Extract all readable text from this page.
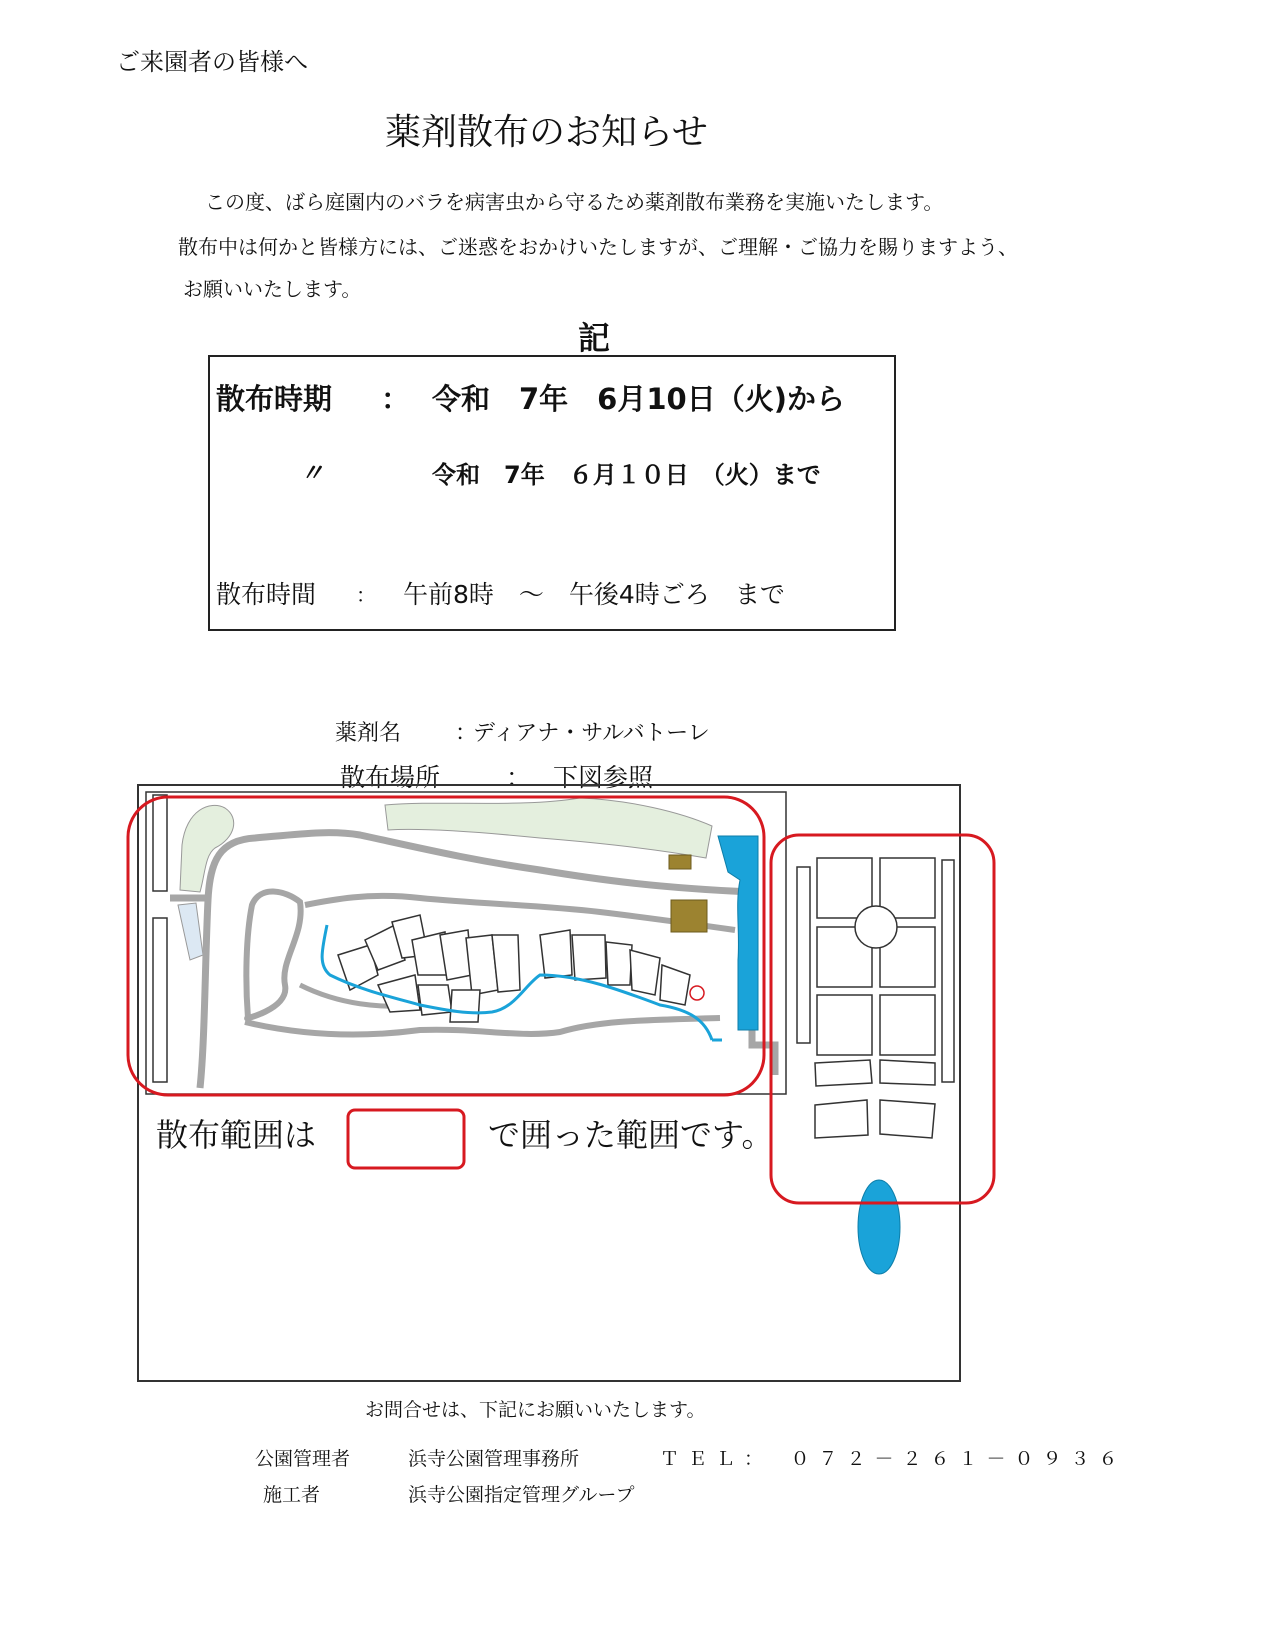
ご来園者の皆様へ
薬剤散布のお知らせ
この度、ばら庭園内のバラを病害虫から守るため薬剤散布業務を実施いたします。
散布中は何かと皆様方には、ご迷惑をおかけいたしますが、ご理解・ご協力を賜りますよう、
お願いいたします。
記
散布時期 ： 令和　7年　6月10日（火)から
〃	令和　7年　６月１０日　（火）まで
散布時間 ： 午前8時　～　午後4時ごろ　まで
薬剤名 ：
ディアナ・サルバトーレ
散布場所	： 下図参照
散布範囲は	で囲った範囲です。
お問合せは、下記にお願いいたします。
公園管理者	浜寺公園管理事務所	ＴＥＬ：　０７２－２６１－０９３６
施工者	浜寺公園指定管理グループ
